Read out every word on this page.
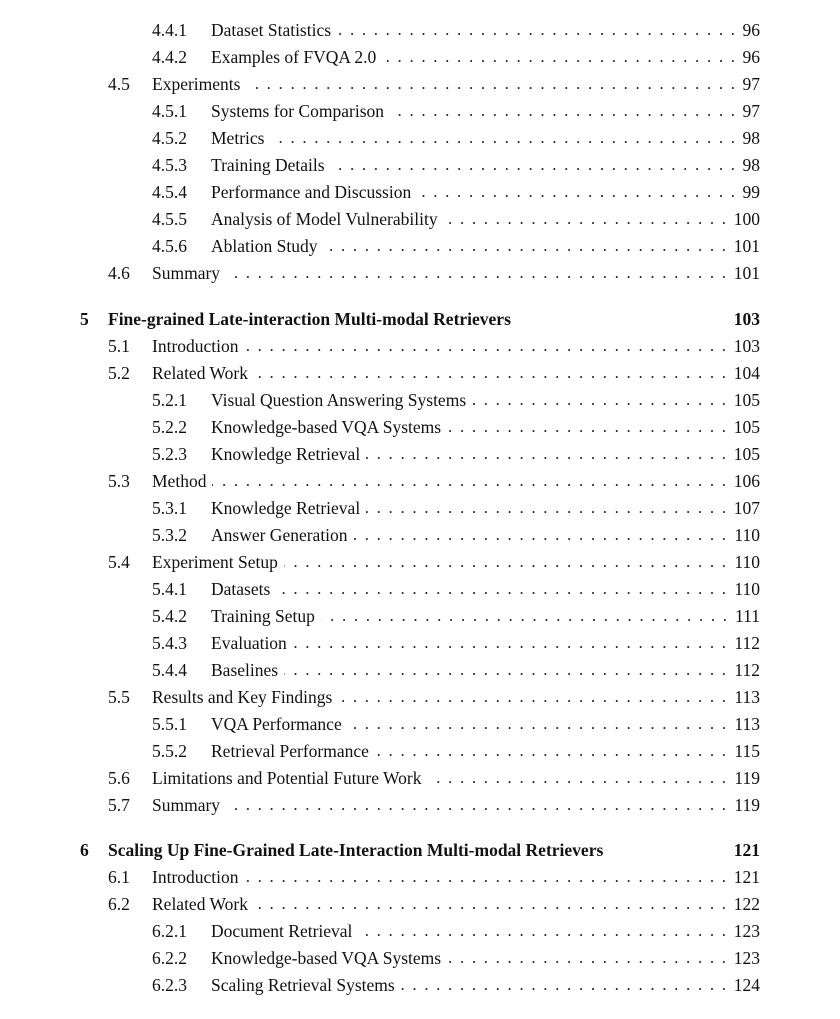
4.4.1 Dataset Statistics . . .	96
4.4.2 Examples of FVQA 2.0 . . .	96
4.5 Experiments . . .	97
4.5.1 Systems for Comparison . . .	97
4.5.2 Metrics . . .	98
4.5.3 Training Details . . .	98
4.5.4 Performance and Discussion . . .	99
4.5.5 Analysis of Model Vulnerability . . .	100
4.5.6 Ablation Study . . .	101
4.6 Summary . . .	101
5 Fine-grained Late-interaction Multi-modal Retrievers	103
5.1 Introduction . . .	103
5.2 Related Work . . .	104
5.2.1 Visual Question Answering Systems . . .	105
5.2.2 Knowledge-based VQA Systems . . .	105
5.2.3 Knowledge Retrieval . . .	105
5.3 Method . . .	106
5.3.1 Knowledge Retrieval . . .	107
5.3.2 Answer Generation . . .	110
5.4 Experiment Setup . . .	110
5.4.1 Datasets . . .	110
5.4.2 Training Setup . . .	111
5.4.3 Evaluation . . .	112
5.4.4 Baselines . . .	112
5.5 Results and Key Findings . . .	113
5.5.1 VQA Performance . . .	113
5.5.2 Retrieval Performance . . .	115
5.6 Limitations and Potential Future Work . . .	119
5.7 Summary . . .	119
6 Scaling Up Fine-Grained Late-Interaction Multi-modal Retrievers	121
6.1 Introduction . . .	121
6.2 Related Work . . .	122
6.2.1 Document Retrieval . . .	123
6.2.2 Knowledge-based VQA Systems . . .	123
6.2.3 Scaling Retrieval Systems . . .	124
